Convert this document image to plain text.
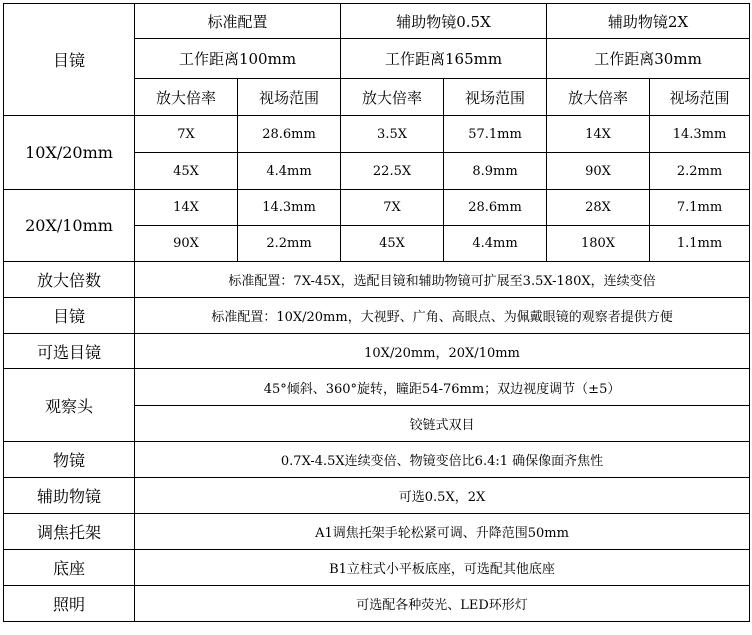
目镜	标准配置		辅助物镜0.5X		辅助物镜2X	
	工作距离100mm		工作距离165mm		工作距离30mm	
	放大倍率	视场范围	放大倍率	视场范围	放大倍率	视场范围
10X/20mm	7X	28.6mm	3.5X	57.1mm	14X	14.3mm
	45X	4.4mm	22.5X	8.9mm	90X	2.2mm
20X/10mm	14X	14.3mm	7X	28.6mm	28X	7.1mm
	90X	2.2mm	45X	4.4mm	180X	1.1mm
放大倍数	标准配置：7X-45X，选配目镜和辅助物镜可扩展至3.5X-180X，连续变倍					
目镜	标准配置：10X/20mm，大视野、广角、高眼点、为佩戴眼镜的观察者提供方便					
可选目镜	10X/20mm，20X/10mm					
观察头	45°倾斜、360°旋转，瞳距54-76mm；双边视度调节（±5）					
	铰链式双目					
物镜	0.7X-4.5X连续变倍、物镜变倍比6.4:1 确保像面齐焦性					
辅助物镜	可选0.5X，2X					
调焦托架	A1调焦托架手轮松紧可调、升降范围50mm					
底座	B1立柱式小平板底座，可选配其他底座					
照明	可选配各种荧光、LED环形灯					
